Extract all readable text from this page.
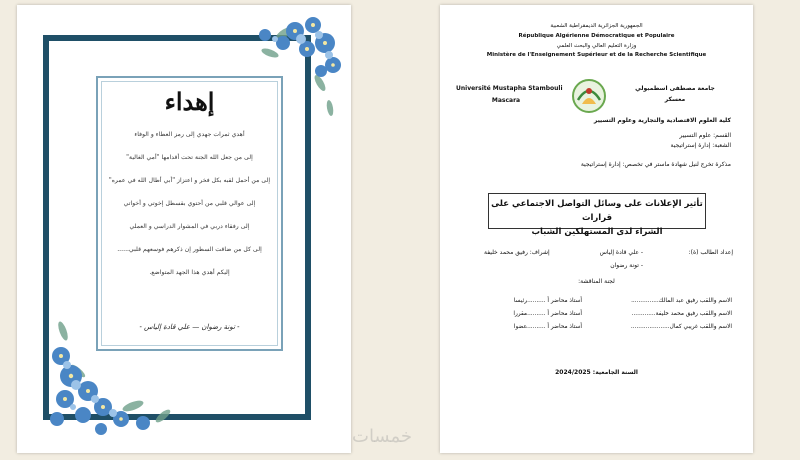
إهداء
أهدي ثمرات جهدي إلى رمز العطاء و الوفاء
إلى من جعل الله الجنة تحت أقدامها "أمي الغالية"
إلى من أحمل لقبه بكل فخر و اعتزاز "أبي أطال الله في عمره"
إلى عوالي قلبي من أحتوي بقسطل إخوتي و أخواتي
إلى رفقاء دربي في المشوار الدراسي و العملي
إلى كل من ضاقت السطور إن ذكرهم فوسعهم قلبي......
إليكم أهدي هذا الجهد المتواضع.
- تونة رضوان — علي قادة إلياس -
الجمهورية الجزائرية الديمقراطية الشعبية
République Algérienne Démocratique et Populaire
وزارة التعليم العالي والبحث العلمي
Ministère de l'Enseignement Supérieur et de la Recherche Scientifique
جامعة مصطفى اسطمبولي
معسكر
Université Mustapha Stambouli
Mascara
كلية العلوم الاقتصادية والتجارية وعلوم التسيير
القسم: علوم التسيير
الشعبة: إدارة إستراتيجية
مذكرة تخرج لنيل شهادة ماستر في تخصص: إدارة إستراتيجية
تأثير الإعلانات على وسائل التواصل الاجتماعي على قرارات
الشراء لدى المستهلكين الشباب
إعداد الطالب (ة):
- علي قادة إلياس
- تونة رضوان
إشراف: رفيق محمد خليفة
لجنة المناقشة:
الاسم واللقب رفيق عبد المالك...............
أستاذ محاضر أ ...........
رئيسا
الاسم واللقب رفيق محمد خليفة.............
أستاذ محاضر أ ...........
مقررا
الاسم واللقب غريبي كمال.....................
أستاذ محاضر أ ...........
عضوا
السنة الجامعية: 2024/2025
خمسات
